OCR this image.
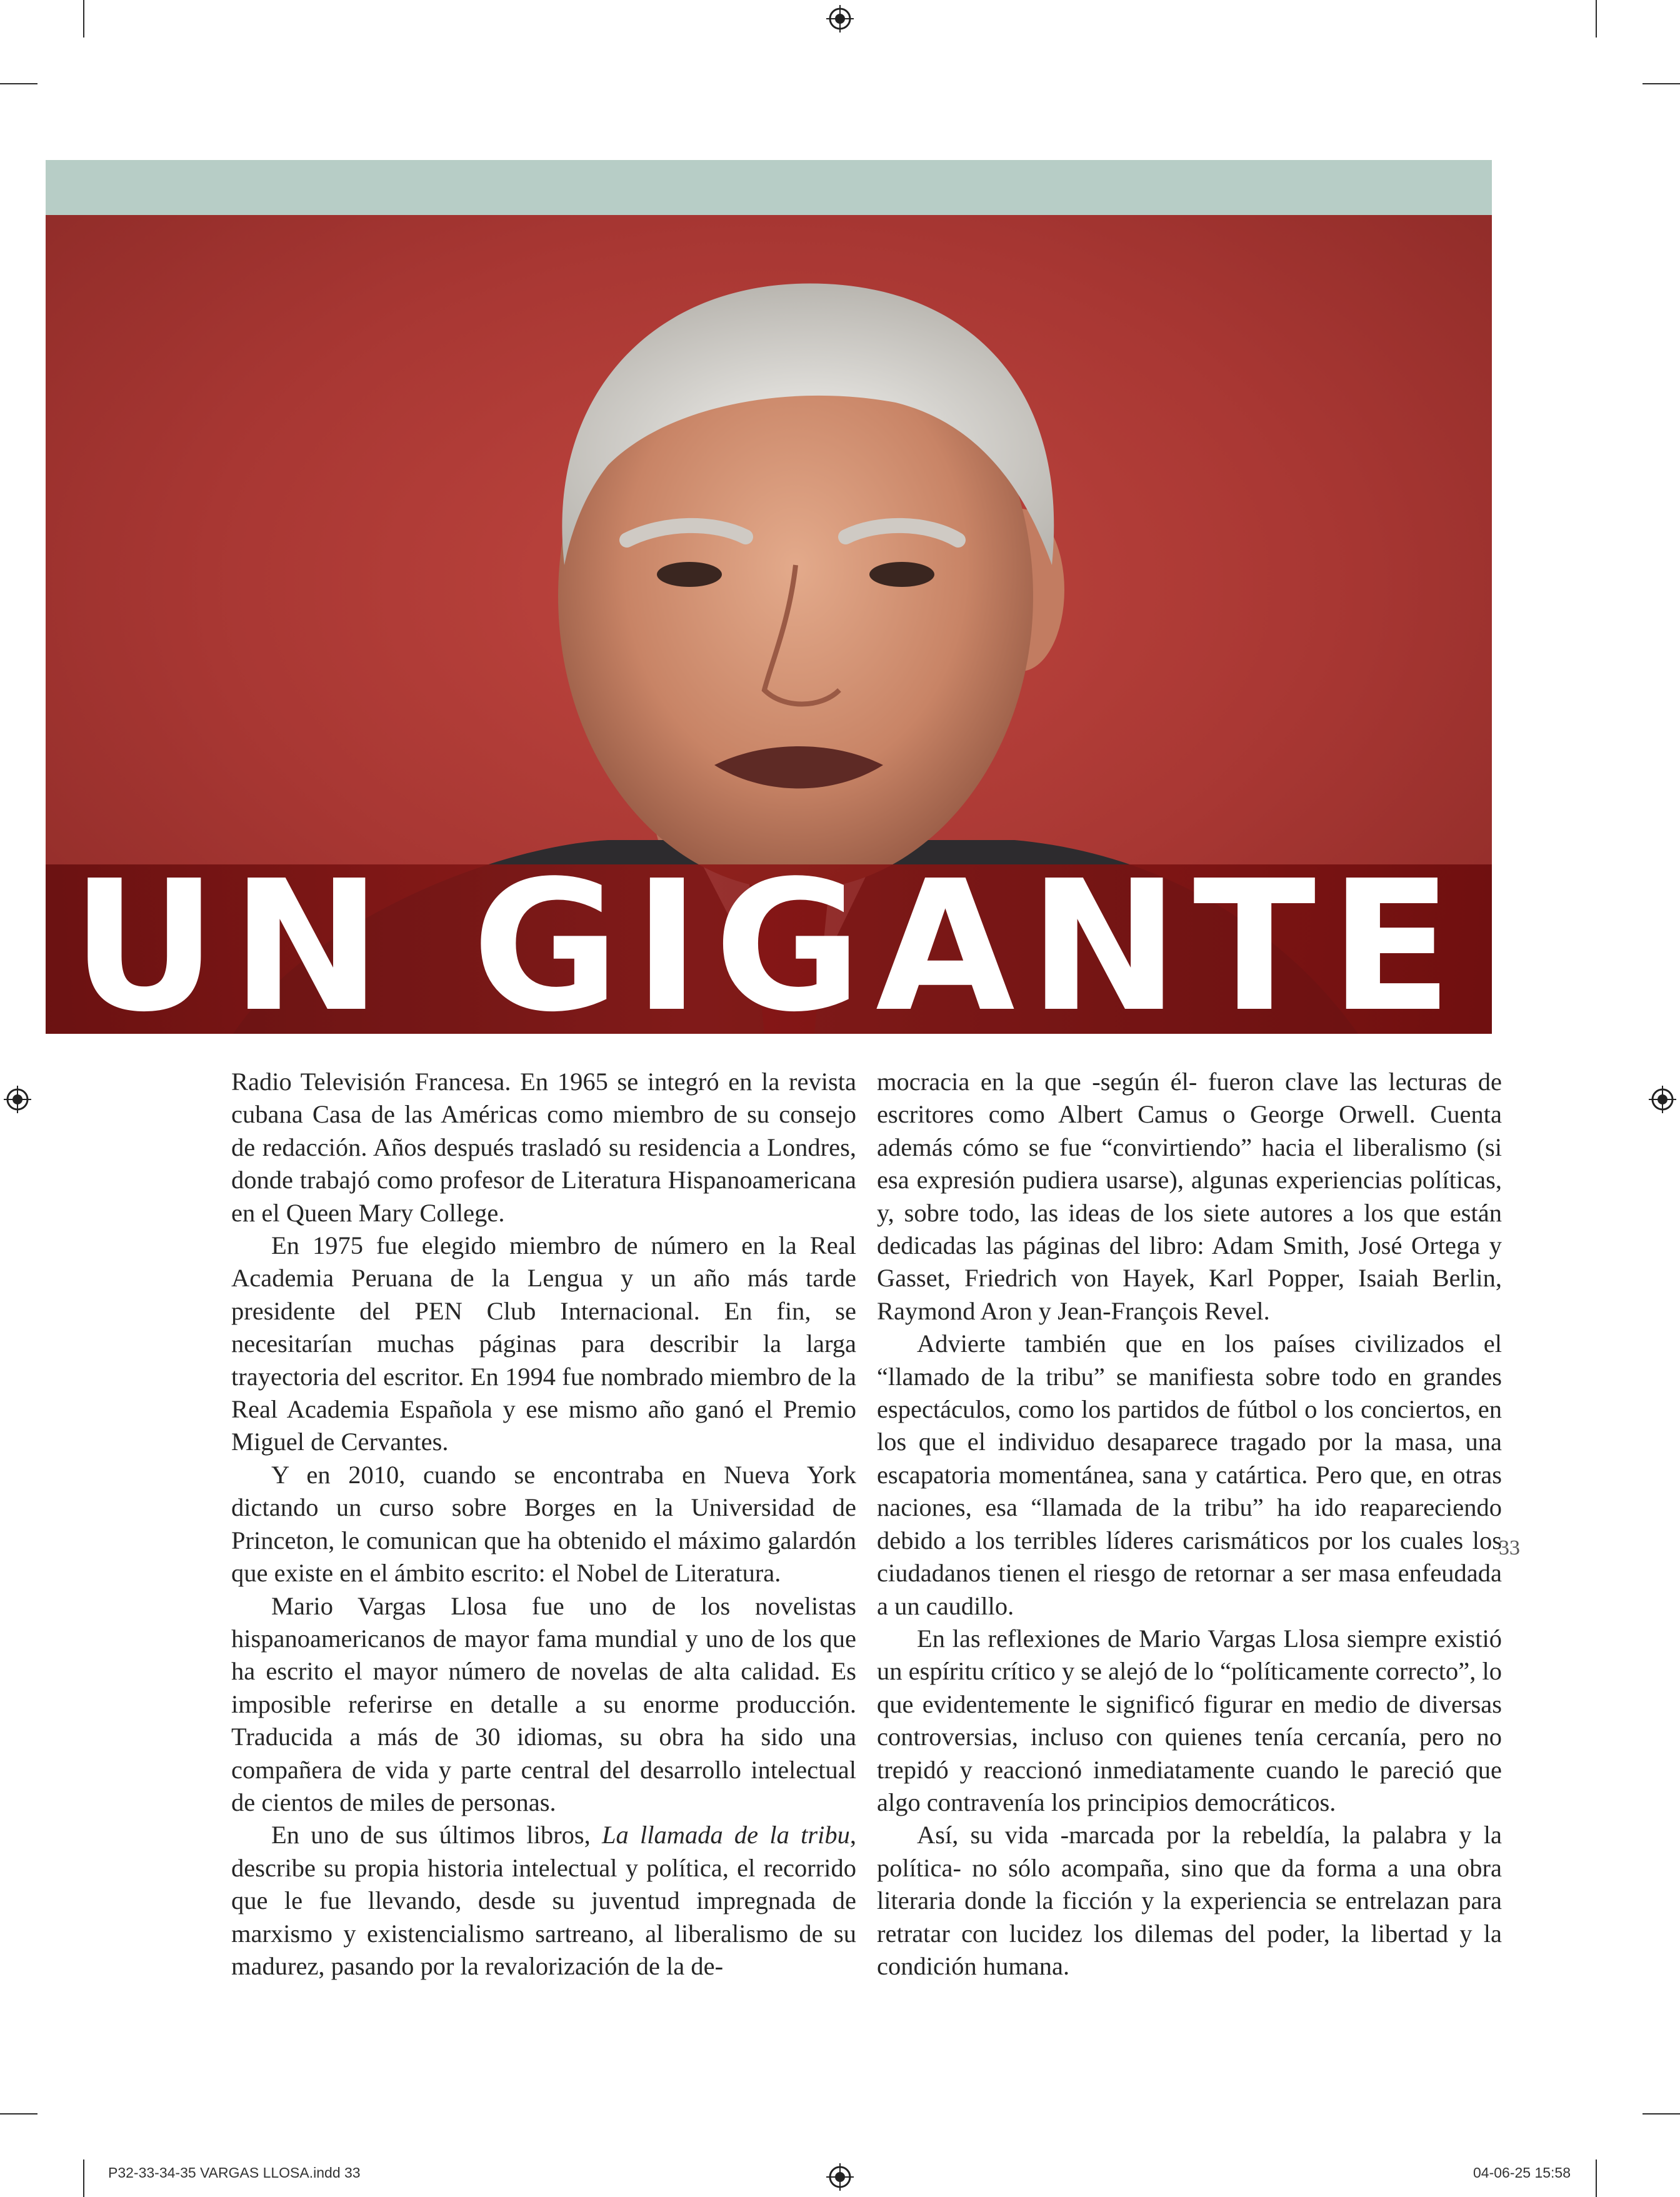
UN GIGANTE

Radio Televisión Francesa. En 1965 se integró en la revista cubana Casa de las Américas como miembro de su consejo de redacción. Años después trasladó su residencia a Londres, donde trabajó como profesor de Literatura Hispanoamericana en el Queen Mary College.

En 1975 fue elegido miembro de número en la Real Academia Peruana de la Lengua y un año más tarde presidente del PEN Club Internacional. En fin, se necesitarían muchas páginas para describir la larga trayectoria del escritor. En 1994 fue nombrado miembro de la Real Academia Española y ese mismo año ganó el Premio Miguel de Cervantes.

Y en 2010, cuando se encontraba en Nueva York dictando un curso sobre Borges en la Universidad de Princeton, le comunican que ha obtenido el máximo galardón que existe en el ámbito escrito: el Nobel de Literatura.

Mario Vargas Llosa fue uno de los novelistas hispanoamericanos de mayor fama mundial y uno de los que ha escrito el mayor número de novelas de alta calidad. Es imposible referirse en detalle a su enorme producción. Traducida a más de 30 idiomas, su obra ha sido una compañera de vida y parte central del desarrollo intelectual de cientos de miles de personas.

En uno de sus últimos libros, La llamada de la tribu, describe su propia historia intelectual y política, el recorrido que le fue llevando, desde su juventud impregnada de marxismo y existencialismo sartreano, al liberalismo de su madurez, pasando por la revalorización de la de-

mocracia en la que -según él- fueron clave las lecturas de escritores como Albert Camus o George Orwell. Cuenta además cómo se fue “convirtiendo” hacia el liberalismo (si esa expresión pudiera usarse), algunas experiencias políticas, y, sobre todo, las ideas de los siete autores a los que están dedicadas las páginas del libro: Adam Smith, José Ortega y Gasset, Friedrich von Hayek, Karl Popper, Isaiah Berlin, Raymond Aron y Jean-François Revel.

Advierte también que en los países civilizados el “llamado de la tribu” se manifiesta sobre todo en grandes espectáculos, como los partidos de fútbol o los conciertos, en los que el individuo desaparece tragado por la masa, una escapatoria momentánea, sana y catártica. Pero que, en otras naciones, esa “llamada de la tribu” ha ido reapareciendo debido a los terribles líderes carismáticos por los cuales los ciudadanos tienen el riesgo de retornar a ser masa enfeudada a un caudillo.

En las reflexiones de Mario Vargas Llosa siempre existió un espíritu crítico y se alejó de lo “políticamente correcto”, lo que evidentemente le significó figurar en medio de diversas controversias, incluso con quienes tenía cercanía, pero no trepidó y reaccionó inmediatamente cuando le pareció que algo contravenía los principios democráticos.

Así, su vida -marcada por la rebeldía, la palabra y la política- no sólo acompaña, sino que da forma a una obra literaria donde la ficción y la experiencia se entrelazan para retratar con lucidez los dilemas del poder, la libertad y la condición humana.

33
P32-33-34-35 VARGAS LLOSA.indd 33	04-06-25 15:58
